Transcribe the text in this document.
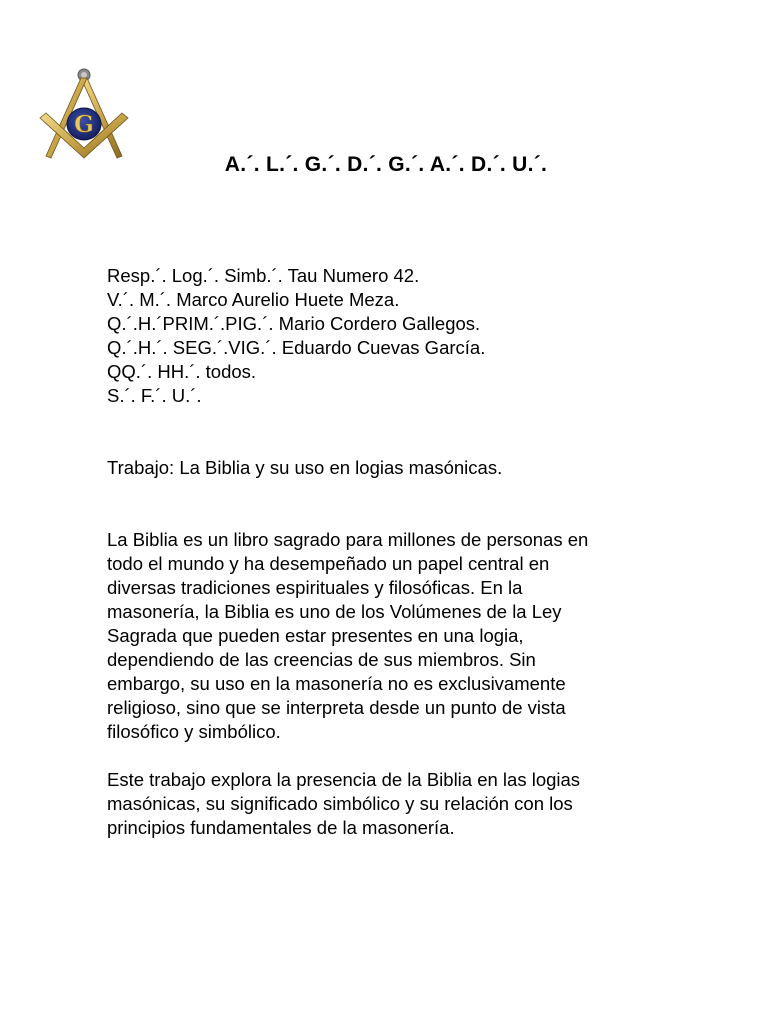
G
A.´. L.´. G.´. D.´. G.´. A.´. D.´. U.´.
Resp.´. Log.´. Simb.´. Tau Numero 42.
V.´. M.´. Marco Aurelio Huete Meza.
Q.´.H.´PRIM.´.PIG.´. Mario Cordero Gallegos.
Q.´.H.´. SEG.´.VIG.´. Eduardo Cuevas García.
QQ.´. HH.´. todos.
S.´. F.´. U.´.
Trabajo: La Biblia y su uso en logias masónicas.
La Biblia es un libro sagrado para millones de personas en
todo el mundo y ha desempeñado un papel central en
diversas tradiciones espirituales y filosóficas. En la
masonería, la Biblia es uno de los Volúmenes de la Ley
Sagrada que pueden estar presentes en una logia,
dependiendo de las creencias de sus miembros. Sin
embargo, su uso en la masonería no es exclusivamente
religioso, sino que se interpreta desde un punto de vista
filosófico y simbólico.
Este trabajo explora la presencia de la Biblia en las logias
masónicas, su significado simbólico y su relación con los
principios fundamentales de la masonería.
